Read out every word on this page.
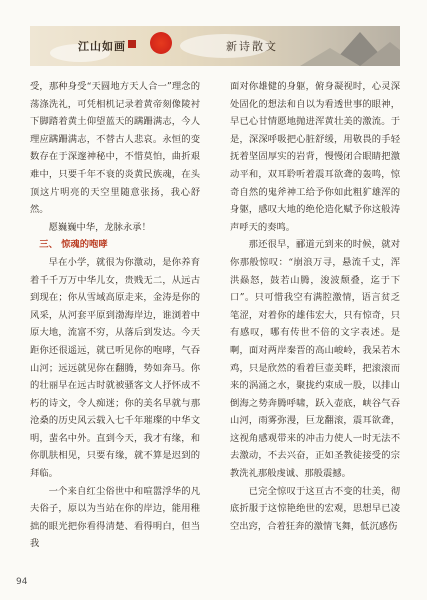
江山如画	新诗散文

受，那种身受“天圆地方天人合一”理念的荡涤洗礼，可凭相机记录着黄帝刻像陵衬下脚踏着黄土仰望蓝天的蹒跚满志，今人理应蹒跚满志，不替古人悲哀。永恒的变数存在于深邃神秘中，不惜莫怕，曲折艰难中，只要千年不衰的炎黄民族魂，在头顶这片明亮的天空里随意张扬，我心舒然。

愿巍巍中华，龙脉永承！

三、 惊魂的咆哮

早在小学，就很为你激动，是你养育着千千万万中华儿女，贵贱无二，从远古到现在；你从雪域高原走来，金涛是你的风采，从河套平原到渤海岸边，谁浏着中原大地，流富不穷，从落后到发达。今天距你还很遥远，就已听见你的咆哮，气吞山河；远远就见你在翻腾，势如奔马。你的壮丽早在远古时就被骚客文人抒怀成不朽的诗文，令人痴迷；你的美名早就与那沧桑的历史风云载入七千年璀璨的中华文明，蜚名中外。直到今天，我才有缘，和你肌肤相见，只要有缘，就不算是迟到的拜临。

一个来自红尘俗世中和喧嚣浮华的凡夫俗子，原以为当站在你的岸边，能用稚拙的眼光把你看得清楚、看得明白，但当我

面对你雄健的身躯，俯身凝视时，心灵深处固化的想法和自以为看透世事的眼神，早已心甘情愿地抛进浑黄壮美的激流。于是，深深呼吸把心脏舒缓，用敬畏的手轻抚着坚固厚实的岩背，慢慢闭合眼睛把激动平和，双耳聆听着震耳欲聋的轰鸣，惊奇自然的鬼斧神工给予你如此粗犷雄浑的身躯，感叹大地的绝伦造化赋予你这般涛声呼天的奏鸣。

那还很早，郦道元到来的时候，就对你那般惊叹：“崩浪万寻，悬流千丈，浑洪赑怒，鼓若山腾，浚波颓叠，迄于下口”。只可惜我空有满腔激情，语言贫乏笔涩，对着你的雄伟宏大，只有惊奇，只有感叹，哪有传世不倍的文字表述。是啊，面对两岸秦晋的高山峻岭，我呆若木鸡，只是欣然的看着巨壶美畔，把滚滚而来的涡涌之水，聚拢约束成一股，以排山倒海之势奔腾呼啸，跃入壶底，峡谷气吞山河，雨雾弥漫，巨龙翻滚，震耳欲聋，这视角感观带来的冲击力使人一时无法不去激动，不去兴奋，正如圣教徒接受的宗教洗礼那般虔诚、那般震撼。

已完全惊叹于这亘古不变的壮美，彻底折服于这惊艳绝世的宏观，思想早已凌空出窍，合着狂奔的激情飞舞，低沉感伤

94
